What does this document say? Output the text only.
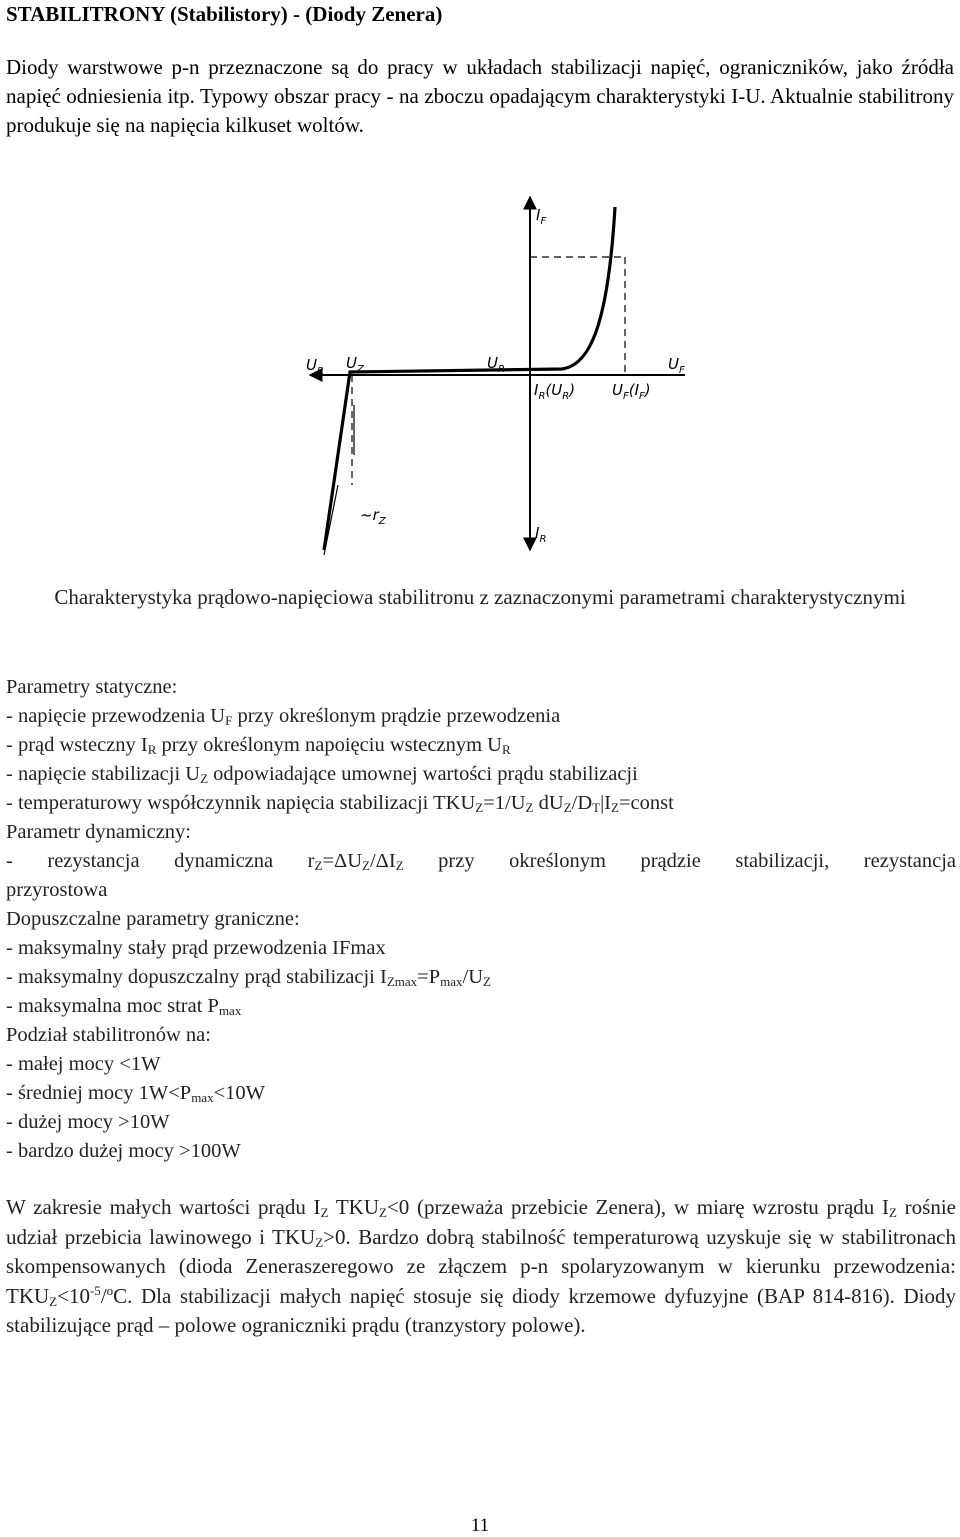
STABILITRONY (Stabilistory) - (Diody Zenera)

Diody warstwowe p-n przeznaczone są do pracy w układach stabilizacji napięć, ograniczników, jako źródła napięć odniesienia itp. Typowy obszar pracy - na zboczu opadającym charakterystyki I-U. Aktualnie stabilitrony produkuje się na napięcia kilkuset woltów.

$I_F$
$U_R$ $U_Z$	$U_R$	$U_F$
$I_R(U_R)$ $U_F(I_F)$
$\sim r_Z$
$I_R$
Charakterystyka prądowo-napięciowa stabilitronu z zaznaczonymi parametrami charakterystycznymi
Parametry statyczne:
- napięcie przewodzenia $U_F$ przy określonym prądzie przewodzenia
- prąd wsteczny $I_R$ przy określonym napoięciu wstecznym $U_R$
- napięcie stabilizacji $U_Z$ odpowiadające umownej wartości prądu stabilizacji
- temperaturowy współczynnik napięcia stabilizacji $TKU_Z=1/U_Z$ $dU_Z/D_T|I_Z=const$
Parametr dynamiczny:
- rezystancja dynamiczna $r_Z=\Delta U_Z/\Delta I_Z$ przy określonym prądzie stabilizacji, rezystancja
przyrostowa
Dopuszczalne parametry graniczne:
- maksymalny stały prąd przewodzenia IFmax
- maksymalny dopuszczalny prąd stabilizacji $I_{Zmax}=P_{max}/U_Z$
- maksymalna moc strat $P_{max}$
Podział stabilitronów na:
- małej mocy <1W
- średniej mocy $1W<P_{max}<10W$
- dużej mocy >10W
- bardzo dużej mocy >100W

W zakresie małych wartości prądu $I_Z$ $TKU_Z<0$ (przeważa przebicie Zenera), w miarę wzrostu prądu $I_Z$ rośnie udział przebicia lawinowego i $TKU_Z>0$. Bardzo dobrą stabilność temperaturową uzyskuje się w stabilitronach skompensowanych (dioda Zeneraszeregowo ze złączem p-n spolaryzowanym w kierunku przewodzenia: $TKU_Z<10^{-5}/^oC$. Dla stabilizacji małych napięć stosuje się diody krzemowe dyfuzyjne (BAP 814-816). Diody stabilizujące prąd – polowe ograniczniki prądu (tranzystory polowe).

11
